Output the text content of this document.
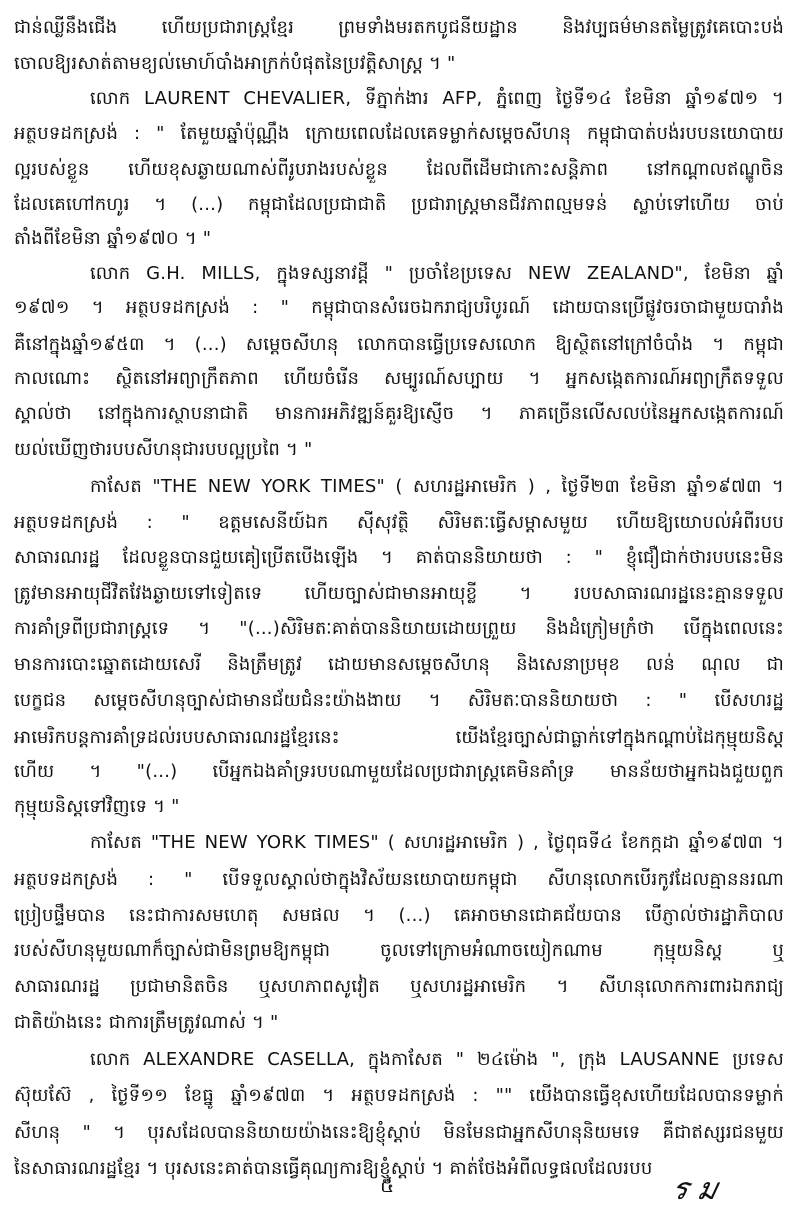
ជាន់ឈ្លីនឹងជើង ហើយប្រជារាស្ត្រខ្មែរ ព្រមទាំងមរតកបូជនីយដ្ឋាន និងវប្បធម៌មានតម្លៃត្រូវគេបោះបង់
ចោលឱ្យរសាត់តាមខ្យល់មោហ៍បាំងអាក្រក់បំផុតនៃប្រវត្តិសាស្ត្រ ។ "
លោក LAURENT CHEVALIER, ទីភ្នាក់ងារ AFP, ភ្នំពេញ ថ្ងៃទី១៤ ខែមិនា ឆ្នាំ១៩៧១ ។
អត្ថបទដកស្រង់ : " តែមួយឆ្នាំប៉ុណ្ណឹង ក្រោយពេលដែលគេទម្លាក់សម្តេចសីហនុ កម្ពុជាបាត់បង់របបនយោបាយ
ល្អរបស់ខ្លួន ហើយខុសឆ្ងាយណាស់ពីរូបរាងរបស់ខ្លួន ដែលពីដើមជាកោះសន្តិភាព នៅកណ្តាលឥណ្ឌូចិន
ដែលគេហៅកហូរ ។ (...) កម្ពុជាដែលប្រជាជាតិ ប្រជារាស្ត្រមានជីវភាពល្មមទន់ ស្លាប់ទៅហើយ ចាប់
តាំងពីខែមិនា ឆ្នាំ១៩៧០ ។ "
លោក G.H. MILLS, ក្នុងទស្សនាវដ្តី " ប្រចាំខែប្រទេស NEW ZEALAND", ខែមិនា ឆ្នាំ
១៩៧១ ។ អត្ថបទដកស្រង់ : " កម្ពុជាបានសំរេចឯករាជ្យបរិបូរណ៍ ដោយបានប្រើផ្លូវចរចាជាមួយបារាំង
គឺនៅក្នុងឆ្នាំ១៩៥៣ ។ (...) សម្តេចសីហនុ លោកបានធ្វើប្រទេសលោក ឱ្យស្ថិតនៅក្រៅចំបាំង ។ កម្ពុជា
កាលណោះ ស្ថិតនៅអព្យាក្រឹតភាព ហើយចំរើន សម្បូរណ៍សប្បាយ ។ អ្នកសង្កេតការណ៍អព្យាក្រឹតទទួល
ស្គាល់ថា នៅក្នុងការស្ថាបនាជាតិ មានការអភិវឌ្ឍន៍គួរឱ្យស្ញើច ។ ភាគច្រើនលើសលប់នៃអ្នកសង្កេតការណ៍
យល់ឃើញថារបបសីហនុជារបបល្អប្រពៃ ។ "
កាសែត "THE NEW YORK TIMES" ( សហរដ្ឋអាមេរិក ) , ថ្ងៃទី២៣ ខែមិនា ឆ្នាំ១៩៧៣ ។
អត្ថបទដកស្រង់ : " ឧត្តមសេនីយ៍ឯក ស៊ីសុវត្ថិ សិរិមតៈធ្វើសម្តាសមួយ ហើយឱ្យយោបល់អំពីរបប
សាធារណរដ្ឋ ដែលខ្លួនបានជួយគៀប្រើតបើងឡើង ។ គាត់បាននិយាយថា : " ខ្ញុំជឿជាក់ថារបបនេះមិន
ត្រូវមានអាយុជីវិតវែងឆ្ងាយទៅទៀតទេ ហើយច្បាស់ជាមានអាយុខ្លី ។ របបសាធារណរដ្ឋនេះគ្មានទទួល
ការគាំទ្រពីប្រជារាស្ត្រទេ ។ "(...)សិរិមតៈគាត់បាននិយាយដោយព្រួយ និងដំក្រៀមក្រំថា បើក្នុងពេលនេះ
មានការបោះឆ្នោតដោយសេរី និងត្រឹមត្រូវ ដោយមានសម្តេចសីហនុ និងសេនាប្រមុខ លន់ ណុល ជា
បេក្ខជន សម្តេចសីហនុច្បាស់ជាមានជ័យជំនះយ៉ាងងាយ ។ សិរិមតៈបាននិយាយថា : " បើសហរដ្ឋ
អាមេរិកបន្តការគាំទ្រដល់របបសាធារណរដ្ឋខ្មែរនេះ យើងខ្មែរច្បាស់ជាធ្លាក់ទៅក្នុងកណ្តាប់ដៃកុម្មុយនិស្ត
ហើយ ។ "(...) បើអ្នកឯងគាំទ្ររបបណាមួយដែលប្រជារាស្ត្រគេមិនគាំទ្រ មានន័យថាអ្នកឯងជួយពួក
កុម្មុយនិស្តទៅវិញទេ ។ "
កាសែត "THE NEW YORK TIMES" ( សហរដ្ឋអាមេរិក ) , ថ្ងៃពុធទី៤ ខែកក្កដា ឆ្នាំ១៩៧៣ ។
អត្ថបទដកស្រង់ : " បើទទួលស្គាល់ថាក្នុងវិស័យនយោបាយកម្ពុជា សីហនុលោកបើរកូវដែលគ្មាននរណា
ប្រៀបផ្ទឹមបាន នេះជាការសមហេតុ សមផល ។ (...) គេអាចមានជោគជ័យបាន បើភ្ញាល់ថារដ្ឋាភិបាល
របស់សីហនុមួយណាក៏ច្បាស់ជាមិនព្រមឱ្យកម្ពុជា ចូលទៅក្រោមអំណាចយៀកណាម កុម្មុយនិស្ត ឬ
សាធារណរដ្ឋ ប្រជាមានិតចិន ឬសហភាពសូវៀត ឬសហរដ្ឋអាមេរិក ។ សីហនុលោកការពារឯករាជ្យ
ជាតិយ៉ាងនេះ ជាការត្រឹមត្រូវណាស់ ។ "
លោក ALEXANDRE CASELLA, ក្នុងកាសែត " ២៤ម៉ោង ", ក្រុង LAUSANNE ប្រទេស
ស៊ុយស៊ែ , ថ្ងៃទី១១ ខែធ្នូ ឆ្នាំ១៩៧៣ ។ អត្ថបទដកស្រង់ : "" យើងបានធ្វើខុសហើយដែលបានទម្លាក់
សីហនុ " ។ បុរសដែលបាននិយាយយ៉ាងនេះឱ្យខ្ញុំស្តាប់ មិនមែនជាអ្នកសីហនុនិយមទេ គឺជាឥស្សរជនមួយ
នៃសាធារណរដ្ឋខ្មែរ ។ បុរសនេះគាត់បានធ្វើគុណ្យការឱ្យខ្ញុំស្តាប់ ។ គាត់ថែងអំពីលទ្ធផលដែលរបប
៥	ร ม
